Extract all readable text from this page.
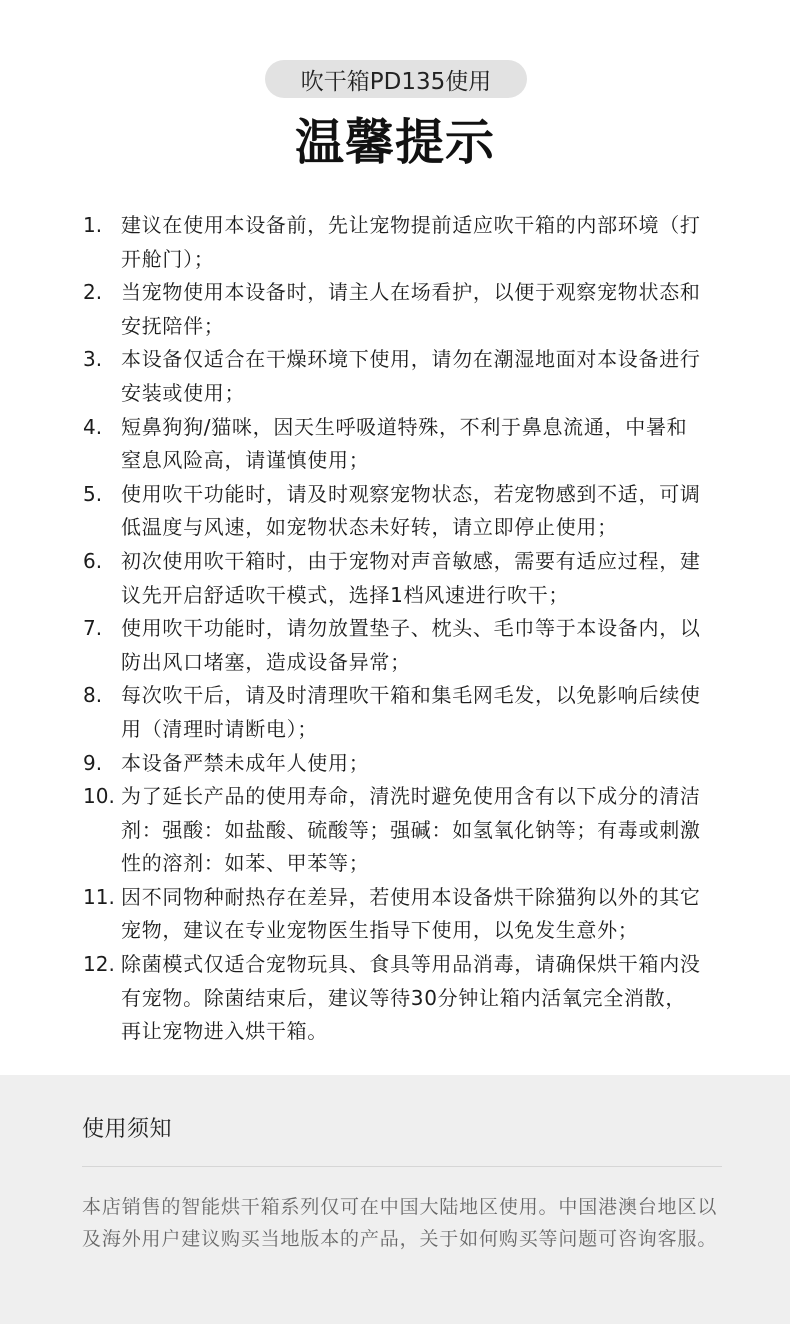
吹干箱PD135使用
温馨提示
1. 建议在使用本设备前，先让宠物提前适应吹干箱的内部环境（打开舱门）；
2. 当宠物使用本设备时，请主人在场看护，以便于观察宠物状态和安抚陪伴；
3. 本设备仅适合在干燥环境下使用，请勿在潮湿地面对本设备进行安装或使用；
4. 短鼻狗狗/猫咪，因天生呼吸道特殊，不利于鼻息流通，中暑和窒息风险高，请谨慎使用；
5. 使用吹干功能时，请及时观察宠物状态，若宠物感到不适，可调低温度与风速，如宠物状态未好转，请立即停止使用；
6. 初次使用吹干箱时，由于宠物对声音敏感，需要有适应过程，建议先开启舒适吹干模式，选择1档风速进行吹干；
7. 使用吹干功能时，请勿放置垫子、枕头、毛巾等于本设备内，以防出风口堵塞，造成设备异常；
8. 每次吹干后，请及时清理吹干箱和集毛网毛发，以免影响后续使用（清理时请断电）；
9. 本设备严禁未成年人使用；
10. 为了延长产品的使用寿命，清洗时避免使用含有以下成分的清洁剂：强酸：如盐酸、硫酸等；强碱：如氢氧化钠等；有毒或刺激性的溶剂：如苯、甲苯等；
11. 因不同物种耐热存在差异，若使用本设备烘干除猫狗以外的其它宠物，建议在专业宠物医生指导下使用，以免发生意外；
12. 除菌模式仅适合宠物玩具、食具等用品消毒，请确保烘干箱内没有宠物。除菌结束后，建议等待30分钟让箱内活氧完全消散，再让宠物进入烘干箱。
使用须知
本店销售的智能烘干箱系列仅可在中国大陆地区使用。中国港澳台地区以及海外用户建议购买当地版本的产品，关于如何购买等问题可咨询客服。
